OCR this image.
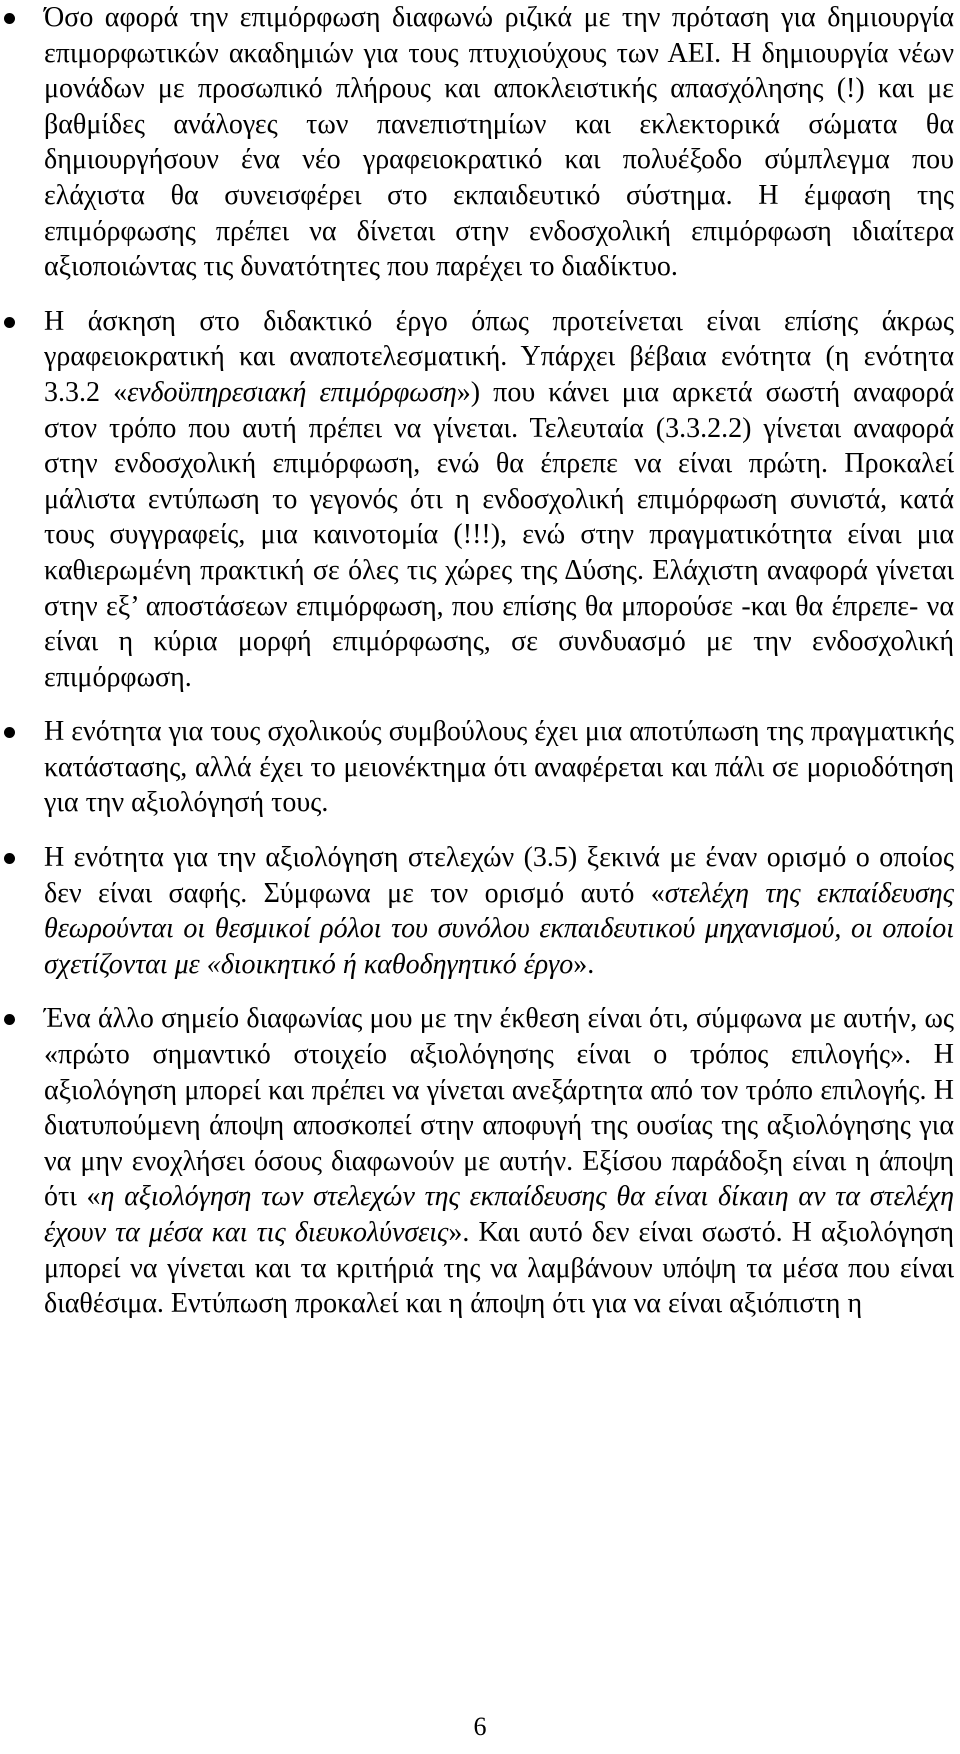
Όσο αφορά την επιμόρφωση διαφωνώ ριζικά με την πρόταση για δημιουργία επιμορφωτικών ακαδημιών για τους πτυχιούχους των ΑΕΙ. Η δημιουργία νέων μονάδων με προσωπικό πλήρους και αποκλειστικής απασχόλησης (!) και με βαθμίδες ανάλογες των πανεπιστημίων και εκλεκτορικά σώματα θα δημιουργήσουν ένα νέο γραφειοκρατικό και πολυέξοδο σύμπλεγμα που ελάχιστα θα συνεισφέρει στο εκπαιδευτικό σύστημα. Η έμφαση της επιμόρφωσης πρέπει να δίνεται στην ενδοσχολική επιμόρφωση ιδιαίτερα αξιοποιώντας τις δυνατότητες που παρέχει το διαδίκτυο.
Η άσκηση στο διδακτικό έργο όπως προτείνεται είναι επίσης άκρως γραφειοκρατική και αναποτελεσματική. Υπάρχει βέβαια ενότητα (η ενότητα 3.3.2 «ενδοϋπηρεσιακή επιμόρφωση») που κάνει μια αρκετά σωστή αναφορά στον τρόπο που αυτή πρέπει να γίνεται. Τελευταία (3.3.2.2) γίνεται αναφορά στην ενδοσχολική επιμόρφωση, ενώ θα έπρεπε να είναι πρώτη. Προκαλεί μάλιστα εντύπωση το γεγονός ότι η ενδοσχολική επιμόρφωση συνιστά, κατά τους συγγραφείς, μια καινοτομία (!!!), ενώ στην πραγματικότητα είναι μια καθιερωμένη πρακτική σε όλες τις χώρες της Δύσης. Ελάχιστη αναφορά γίνεται στην εξ’ αποστάσεων επιμόρφωση, που επίσης θα μπορούσε -και θα έπρεπε- να είναι η κύρια μορφή επιμόρφωσης, σε συνδυασμό με την ενδοσχολική επιμόρφωση.
Η ενότητα για τους σχολικούς συμβούλους έχει μια αποτύπωση της πραγματικής κατάστασης, αλλά έχει το μειονέκτημα ότι αναφέρεται και πάλι σε μοριοδότηση για την αξιολόγησή τους.
Η ενότητα για την αξιολόγηση στελεχών (3.5) ξεκινά με έναν ορισμό ο οποίος δεν είναι σαφής. Σύμφωνα με τον ορισμό αυτό «στελέχη της εκπαίδευσης θεωρούνται οι θεσμικοί ρόλοι του συνόλου εκπαιδευτικού μηχανισμού, οι οποίοι σχετίζονται με «διοικητικό ή καθοδηγητικό έργο».
Ένα άλλο σημείο διαφωνίας μου με την έκθεση είναι ότι, σύμφωνα με αυτήν, ως «πρώτο σημαντικό στοιχείο αξιολόγησης είναι ο τρόπος επιλογής». Η αξιολόγηση μπορεί και πρέπει να γίνεται ανεξάρτητα από τον τρόπο επιλογής. Η διατυπούμενη άποψη αποσκοπεί στην αποφυγή της ουσίας της αξιολόγησης για να μην ενοχλήσει όσους διαφωνούν με αυτήν. Εξίσου παράδοξη είναι η άποψη ότι «η αξιολόγηση των στελεχών της εκπαίδευσης θα είναι δίκαιη αν τα στελέχη έχουν τα μέσα και τις διευκολύνσεις». Και αυτό δεν είναι σωστό. Η αξιολόγηση μπορεί να γίνεται και τα κριτήριά της να λαμβάνουν υπόψη τα μέσα που είναι διαθέσιμα. Εντύπωση προκαλεί και η άποψη ότι για να είναι αξιόπιστη η
6
